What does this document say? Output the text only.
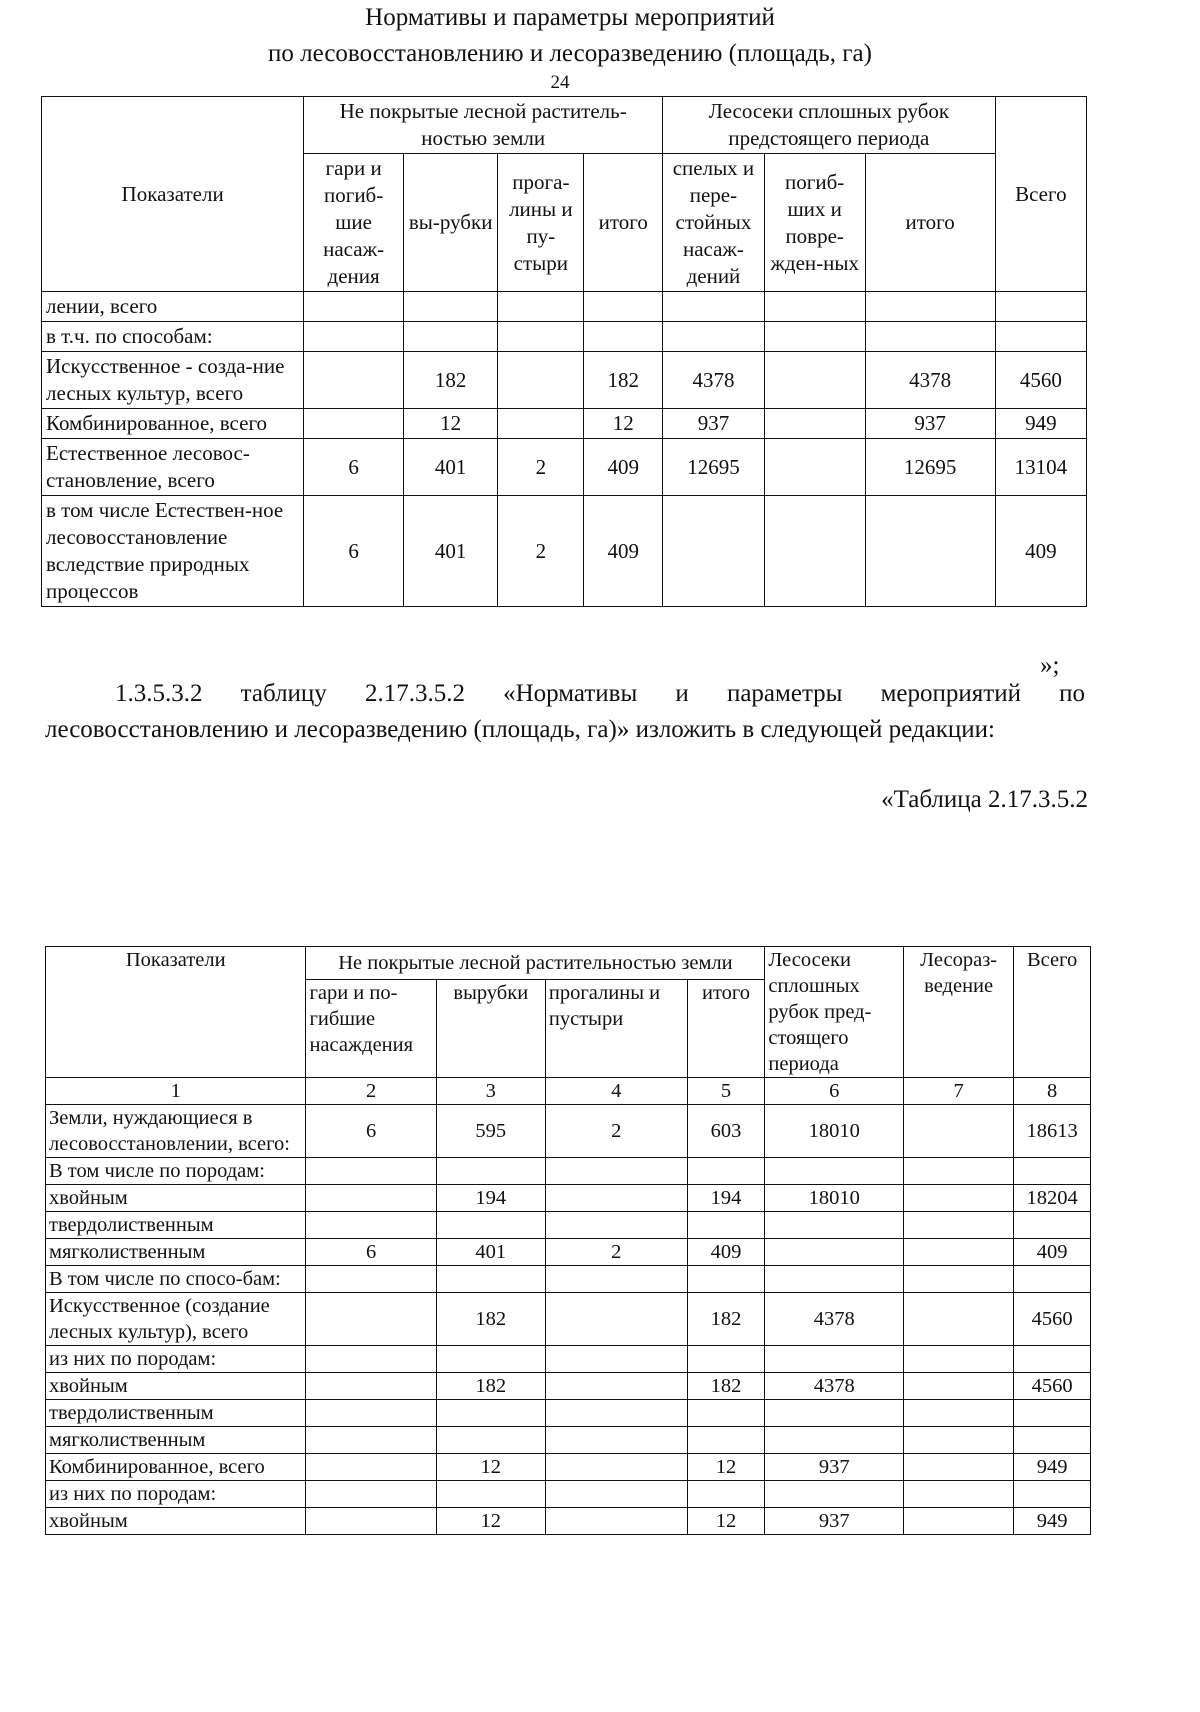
24
Показатели	Не покрытые лесной раститель-ностью земли				Лесосеки сплошных рубок предстоящего периода			Всего
	гари и погиб-шие насаж-дения	вы-рубки	прога-лины и пу-стыри	итого	спелых и пере-стойных насаж-дений	погиб-ших и повре-жден-ных	итого	
лении, всего								
в т.ч. по способам:								
Искусственное - созда-ние лесных культур, всего		182		182	4378		4378	4560
Комбинированное, всего		12		12	937		937	949
Естественное лесовос-становление, всего	6	401	2	409	12695		12695	13104
в том числе Естествен-ное лесовосстановление вследствие природных процессов	6	401	2	409				409
»;
1.3.5.3.2 таблицу 2.17.3.5.2 «Нормативы и параметры мероприятий по лесовосстановлению и лесоразведению (площадь, га)» изложить в следующей редакции:
«Таблица 2.17.3.5.2
Нормативы и параметры мероприятий
по лесовосстановлению и лесоразведению (площадь, га)
Показатели	Не покрытые лесной растительностью земли				Лесосеки сплошных рубок пред-стоящего периода	Лесораз-ведение	Всего
	гари и по-гибшие насаждения	вырубки	прогалины и пустыри	итого			
1	2	3	4	5	6	7	8
Земли, нуждающиеся в лесовосстановлении, всего:	6	595	2	603	18010		18613
В том числе по породам:							
хвойным		194		194	18010		18204
твердолиственным							
мягколиственным	6	401	2	409			409
В том числе по спосо-бам:							
Искусственное (создание лесных культур), всего		182		182	4378		4560
из них по породам:							
хвойным		182		182	4378		4560
твердолиственным							
мягколиственным							
Комбинированное, всего		12		12	937		949
из них по породам:							
хвойным		12		12	937		949
